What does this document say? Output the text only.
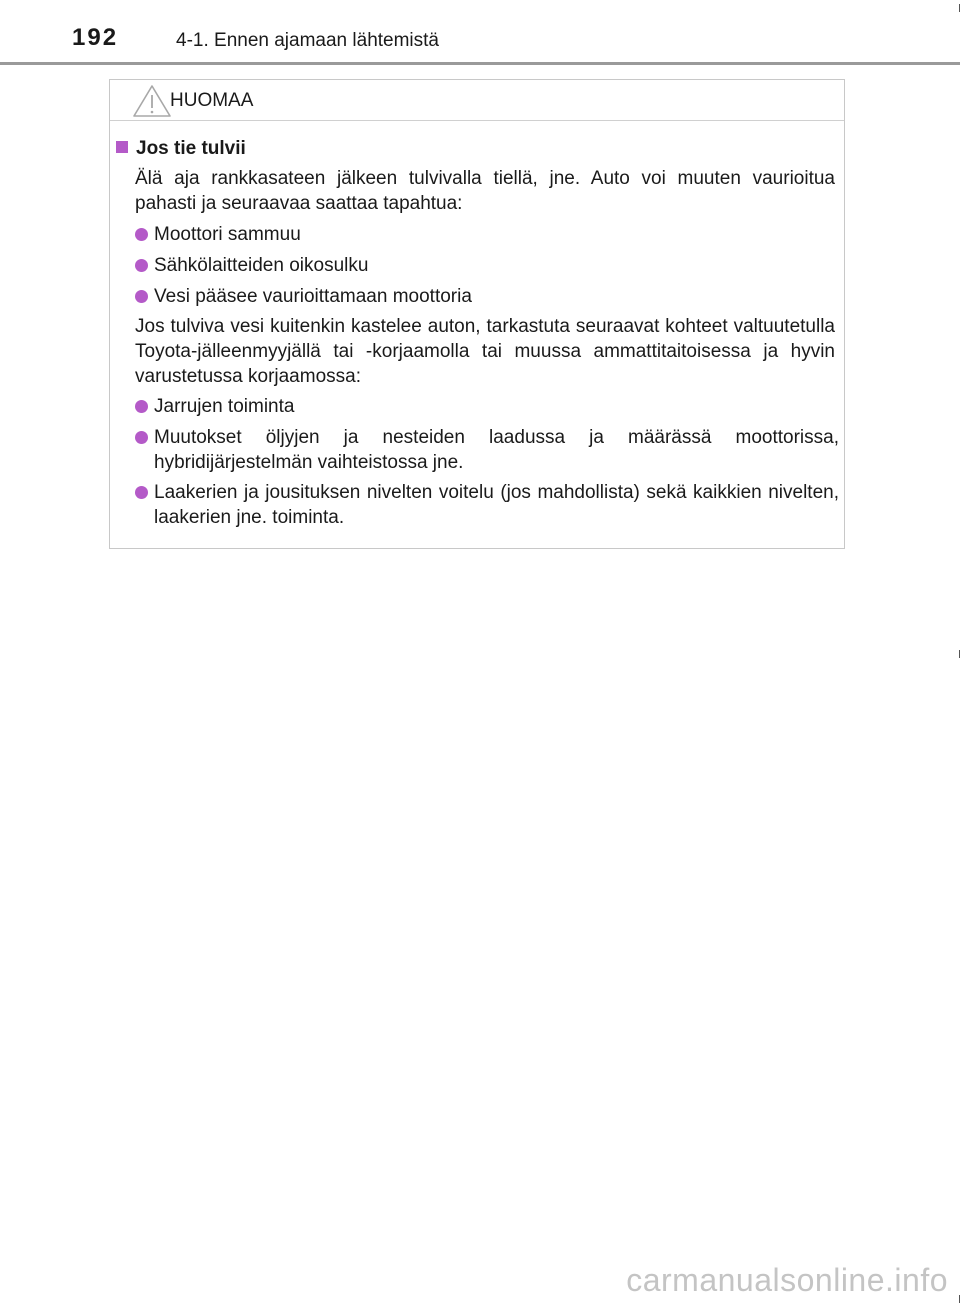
192	4-1. Ennen ajamaan lähtemistä
HUOMAA
Jos tie tulvii
Älä aja rankkasateen jälkeen tulvivalla tiellä, jne. Auto voi muuten vaurioitua pahasti ja seuraavaa saattaa tapahtua:
Moottori sammuu
Sähkölaitteiden oikosulku
Vesi pääsee vaurioittamaan moottoria
Jos tulviva vesi kuitenkin kastelee auton, tarkastuta seuraavat kohteet valtuutetulla Toyota-jälleenmyyjällä tai -korjaamolla tai muussa ammattitaitoisessa ja hyvin varustetussa korjaamossa:
Jarrujen toiminta
Muutokset öljyjen ja nesteiden laadussa ja määrässä moottorissa, hybridijärjestelmän vaihteistossa jne.
Laakerien ja jousituksen nivelten voitelu (jos mahdollista) sekä kaikkien nivelten, laakerien jne. toiminta.
carmanualsonline.info
